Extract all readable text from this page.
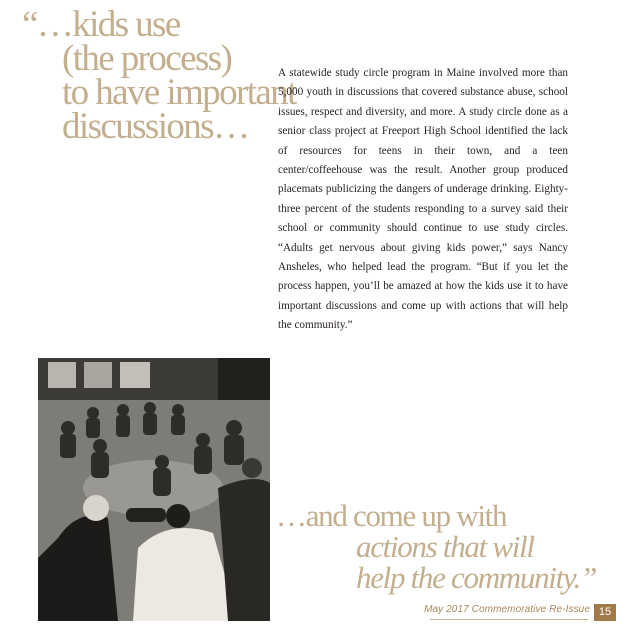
“…kids use
(the process)
to have important
discussions…
A statewide study circle program in Maine involved more than 5,000 youth in discussions that covered substance abuse, school issues, respect and diversity, and more. A study circle done as a senior class project at Freeport High School identified the lack of resources for teens in their town, and a teen center/coffeehouse was the result. Another group produced placemats publicizing the dangers of underage drinking. Eighty-three percent of the students responding to a survey said their school or community should continue to use study circles. “Adults get nervous about giving kids power,” says Nancy Ansheles, who helped lead the program. “But if you let the process happen, you’ll be amazed at how the kids use it to have important discussions and come up with actions that will help the community.”
…and come up with
actions that will
help the community.”
May 2017 Commemorative Re-Issue 15
